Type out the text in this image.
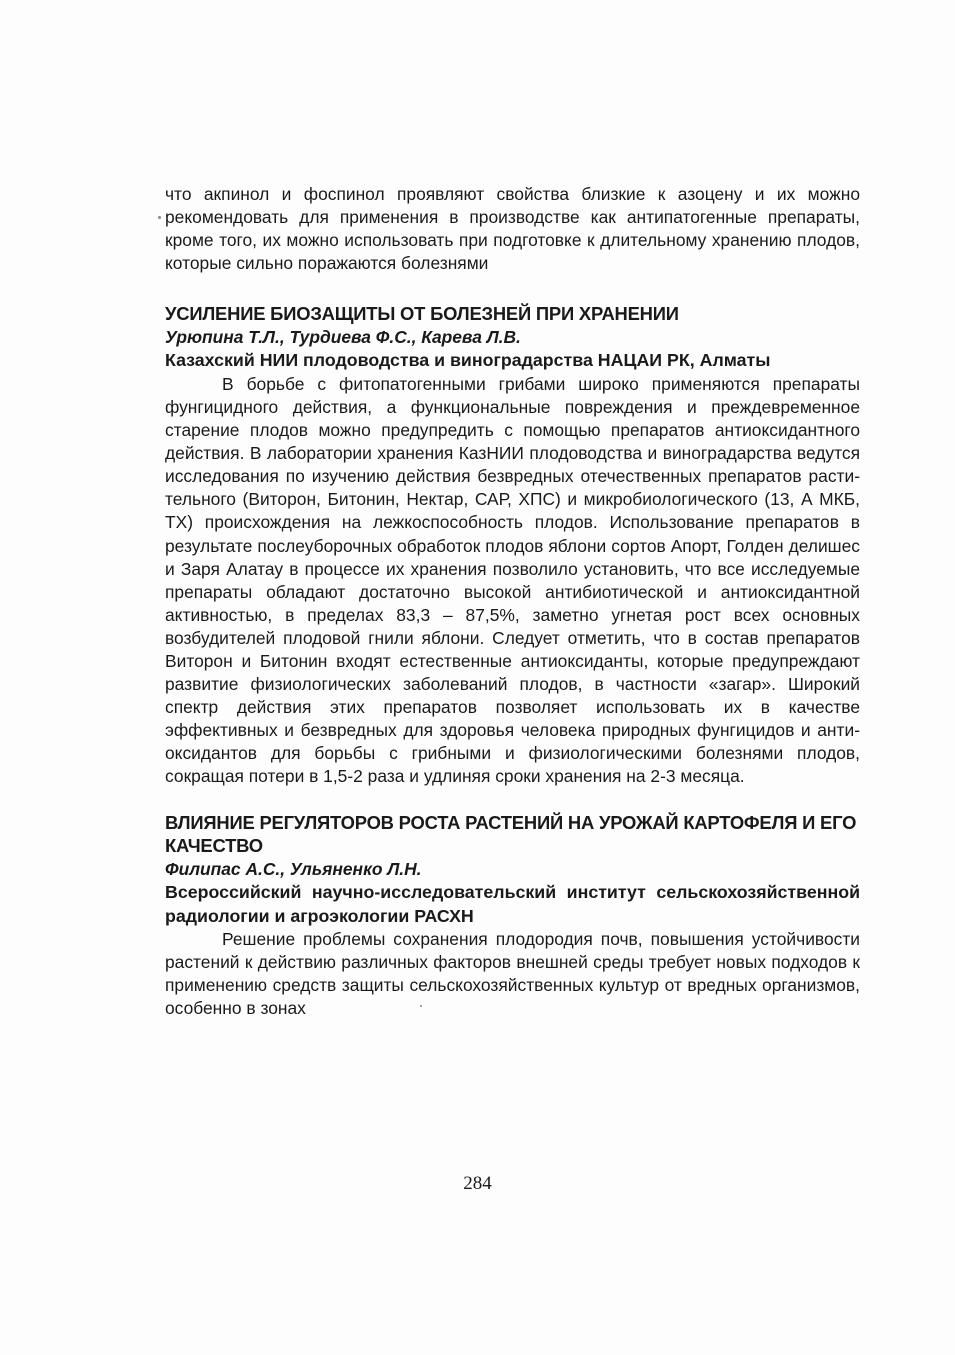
что акпинол и фоспинол проявляют свойства близкие к азоцену и их можно рекомендовать для применения в производстве как антипатогенные препараты, кроме того, их можно использовать при подготовке к длительному хранению плодов, которые сильно поражаются болезнями

УСИЛЕНИЕ БИОЗАЩИТЫ ОТ БОЛЕЗНЕЙ ПРИ ХРАНЕНИИ
Урюпина Т.Л., Турдиева Ф.С., Карева Л.В.
Казахский НИИ плодоводства и виноградарства НАЦАИ РК, Алматы

В борьбе с фитопатогенными грибами широко применяются препараты фунгицидного действия, а функциональные повреждения и преждевременное старение плодов можно предупредить с помощью препаратов антиоксидантного действия. В лаборатории хранения КазНИИ плодоводства и виноградарства ведутся исследования по изучению действия безвредных отечественных препаратов растительного (Виторон, Битонин, Нектар, САР, ХПС) и микробиологического (13, А МКБ, ТХ) происхождения на лежкоспособность плодов. Использование препаратов в результате послеуборочных обработок плодов яблони сортов Апорт, Голден делишес и Заря Алатау в процессе их хранения позволило установить, что все исследуемые препараты обладают достаточно высокой антибиотической и антиоксидантной активностью, в пределах 83,3 – 87,5%, заметно угнетая рост всех основных возбудителей плодовой гнили яблони. Следует отметить, что в состав препаратов Виторон и Битонин входят естественные антиоксиданты, которые предупреждают развитие физиологических заболеваний плодов, в частности «загар». Широкий спектр действия этих препаратов позволяет использовать их в качестве эффективных и безвредных для здоровья человека природных фунгицидов и антиоксидантов для борьбы с грибными и физиологическими болезнями плодов, сокращая потери в 1,5-2 раза и удлиняя сроки хранения на 2-3 месяца.

ВЛИЯНИЕ РЕГУЛЯТОРОВ РОСТА РАСТЕНИЙ НА УРОЖАЙ КАРТОФЕЛЯ И ЕГО КАЧЕСТВО
Филипас А.С., Ульяненко Л.Н.
Всероссийский научно-исследовательский институт сельскохозяйственной радиологии и агроэкологии РАСХН

Решение проблемы сохранения плодородия почв, повышения устойчивости растений к действию различных факторов внешней среды требует новых подходов к применению средств защиты сельскохозяйственных культур от вредных организмов, особенно в зонах

284
